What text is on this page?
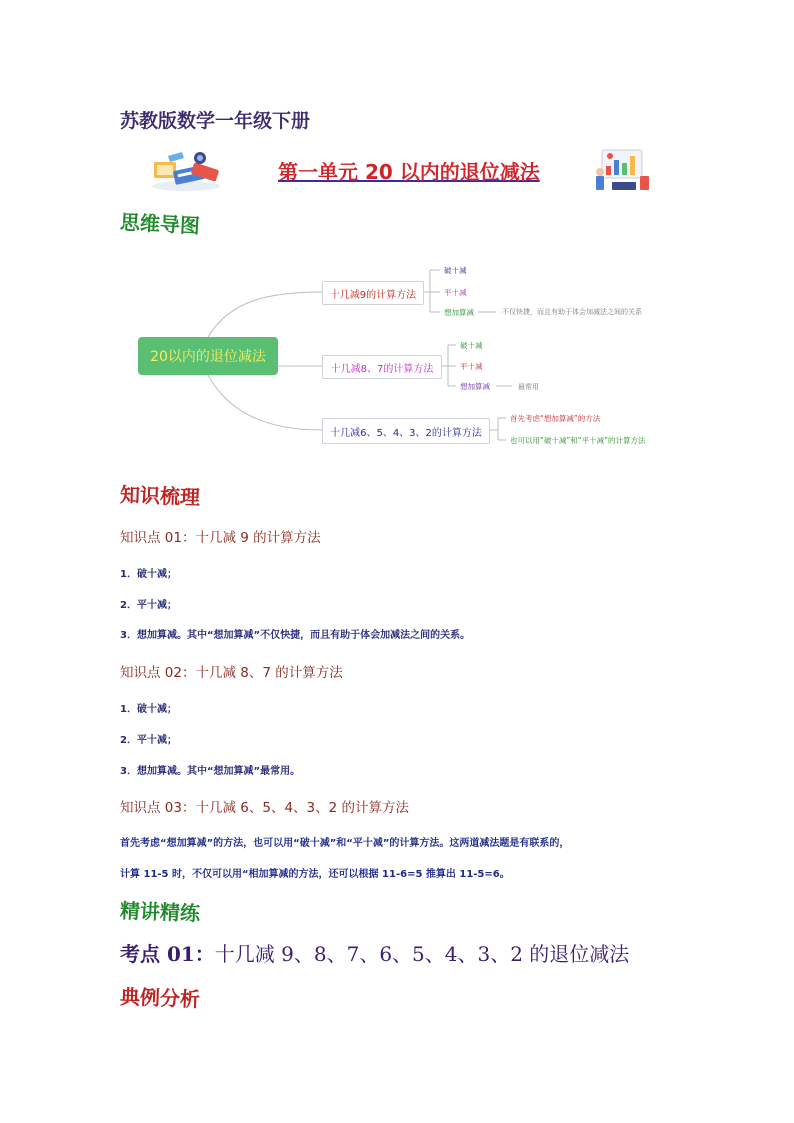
苏教版数学一年级下册
第一单元 20 以内的退位减法
思维导图
20以内的退位减法
十几减9的计算方法
十几减8、7的计算方法
十几减6、5、4、3、2的计算方法
破十减
平十减
想加算减	不仅快捷，而且有助于体会加减法之间的关系
破十减
平十减
想加算减	最常用
首先考虑“想加算减”的方法
也可以用“破十减”和“平十减”的计算方法
知识梳理
知识点 01：十几减 9 的计算方法
1．破十减；
2．平十减；
3．想加算减。其中“想加算减”不仅快捷，而且有助于体会加减法之间的关系。
知识点 02：十几减 8、7 的计算方法
1．破十减；
2．平十减；
3．想加算减。其中“想加算减”最常用。
知识点 03：十几减 6、5、4、3、2 的计算方法
首先考虑“想加算减”的方法，也可以用“破十减”和“平十减”的计算方法。这两道减法题是有联系的，
计算 11-5 时，不仅可以用“相加算减的方法，还可以根据 11-6=5 推算出 11-5=6。
精讲精练
考点 01：十几减 9、8、7、6、5、4、3、2 的退位减法
典例分析
